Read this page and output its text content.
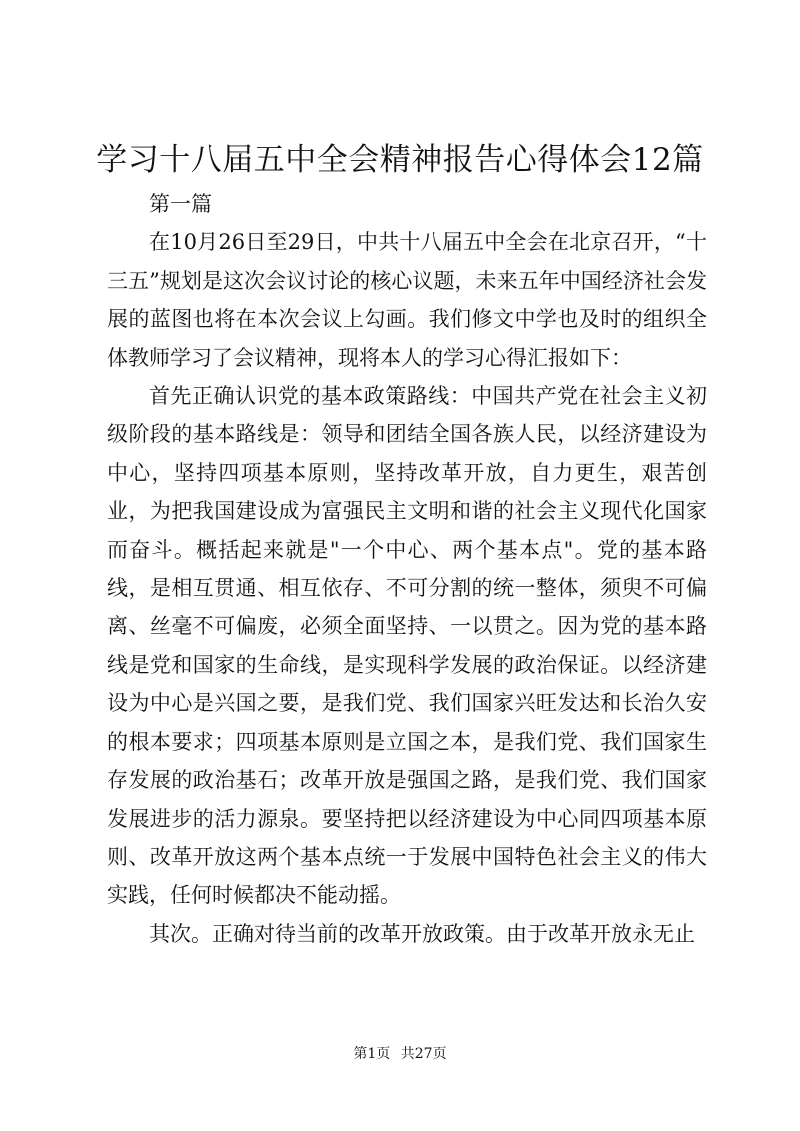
学习十八届五中全会精神报告心得体会12篇

第一篇

在10月26日至29日，中共十八届五中全会在北京召开，“十三五”规划是这次会议讨论的核心议题，未来五年中国经济社会发展的蓝图也将在本次会议上勾画。我们修文中学也及时的组织全体教师学习了会议精神，现将本人的学习心得汇报如下：

首先正确认识党的基本政策路线：中国共产党在社会主义初级阶段的基本路线是：领导和团结全国各族人民，以经济建设为中心，坚持四项基本原则，坚持改革开放，自力更生，艰苦创业，为把我国建设成为富强民主文明和谐的社会主义现代化国家而奋斗。概括起来就是"一个中心、两个基本点"。党的基本路线，是相互贯通、相互依存、不可分割的统一整体，须臾不可偏离、丝毫不可偏废，必须全面坚持、一以贯之。因为党的基本路线是党和国家的生命线，是实现科学发展的政治保证。以经济建设为中心是兴国之要，是我们党、我们国家兴旺发达和长治久安的根本要求；四项基本原则是立国之本，是我们党、我们国家生存发展的政治基石；改革开放是强国之路，是我们党、我们国家发展进步的活力源泉。要坚持把以经济建设为中心同四项基本原则、改革开放这两个基本点统一于发展中国特色社会主义的伟大实践，任何时候都决不能动摇。

其次。正确对待当前的改革开放政策。由于改革开放永无止

第1页 共27页
